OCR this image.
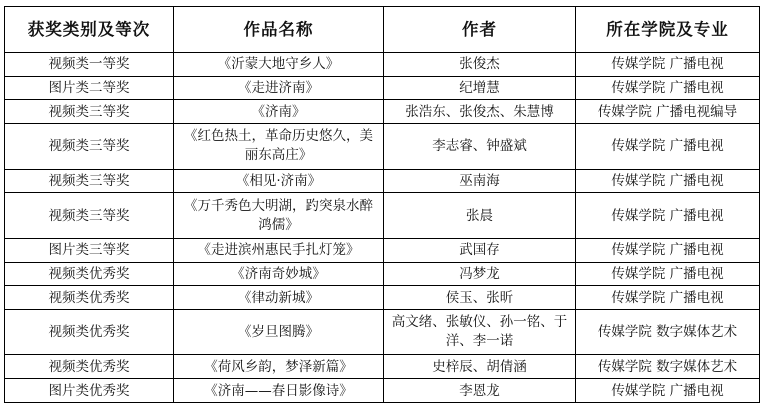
获奖类别及等次	作品名称	作者	所在学院及专业
视频类一等奖	《沂蒙大地守乡人》	张俊杰	传媒学院 广播电视
图片类二等奖	《走进济南》	纪增慧	传媒学院 广播电视
视频类三等奖	《济南》	张浩东、张俊杰、朱慧博	传媒学院 广播电视编导
视频类三等奖	《红色热土，革命历史悠久，美丽东高庄》	李志睿、钟盛斌	传媒学院 广播电视
视频类三等奖	《相见·济南》	巫南海	传媒学院 广播电视
视频类三等奖	《万千秀色大明湖，趵突泉水醉鸿儒》	张晨	传媒学院 广播电视
图片类三等奖	《走进滨州惠民手扎灯笼》	武国存	传媒学院 广播电视
视频类优秀奖	《济南奇妙城》	冯梦龙	传媒学院 广播电视
视频类优秀奖	《律动新城》	侯玉、张昕	传媒学院 广播电视
视频类优秀奖	《岁旦图腾》	高文绪、张敏仪、孙一铭、于洋、李一诺	传媒学院 数字媒体艺术
视频类优秀奖	《荷风乡韵，梦泽新篇》	史梓辰、胡倩涵	传媒学院 数字媒体艺术
图片类优秀奖	《济南——春日影像诗》	李恩龙	传媒学院 广播电视
